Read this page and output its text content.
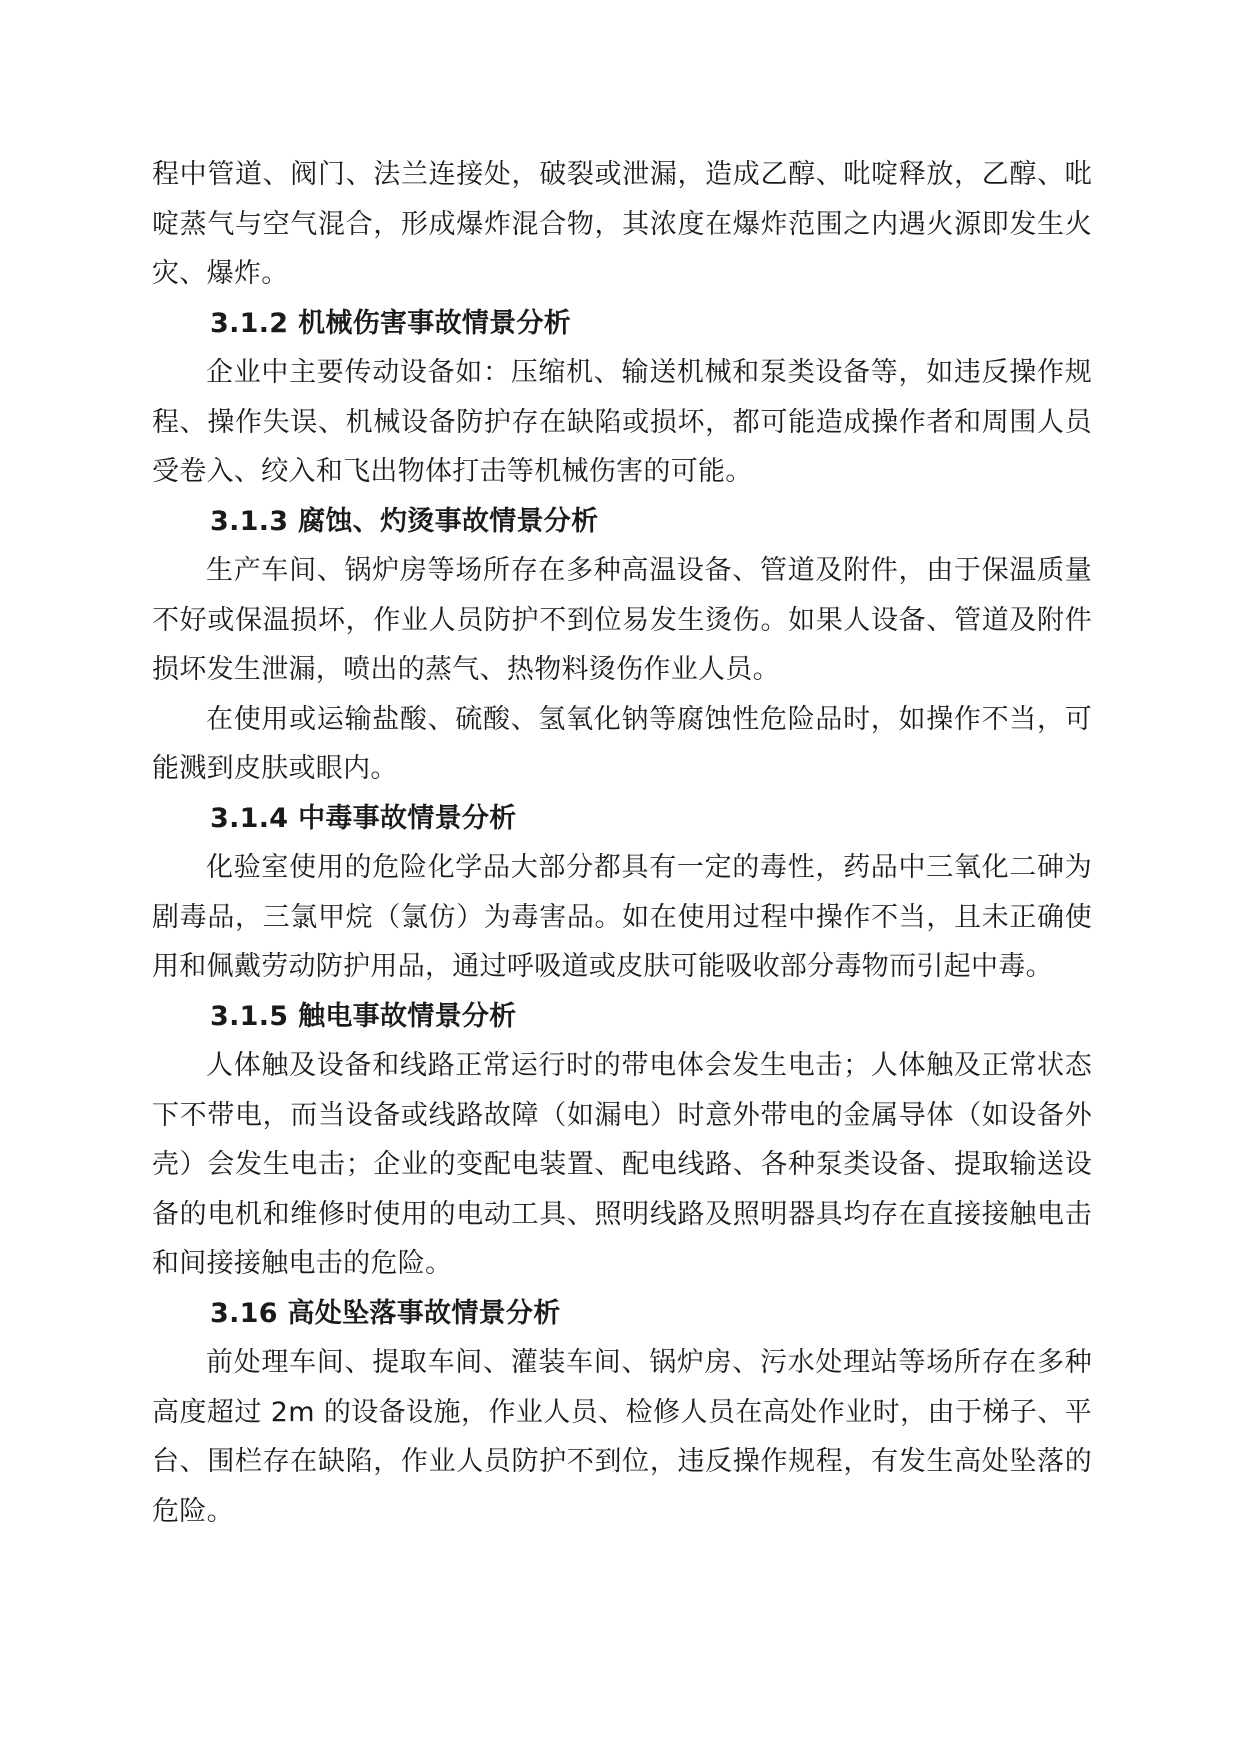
程中管道、阀门、法兰连接处，破裂或泄漏，造成乙醇、吡啶释放，乙醇、吡啶蒸气与空气混合，形成爆炸混合物，其浓度在爆炸范围之内遇火源即发生火灾、爆炸。

3.1.2 机械伤害事故情景分析

企业中主要传动设备如：压缩机、输送机械和泵类设备等，如违反操作规程、操作失误、机械设备防护存在缺陷或损坏，都可能造成操作者和周围人员受卷入、绞入和飞出物体打击等机械伤害的可能。

3.1.3 腐蚀、灼烫事故情景分析

生产车间、锅炉房等场所存在多种高温设备、管道及附件，由于保温质量不好或保温损坏，作业人员防护不到位易发生烫伤。如果人设备、管道及附件损坏发生泄漏，喷出的蒸气、热物料烫伤作业人员。

在使用或运输盐酸、硫酸、氢氧化钠等腐蚀性危险品时，如操作不当，可能溅到皮肤或眼内。

3.1.4 中毒事故情景分析

化验室使用的危险化学品大部分都具有一定的毒性，药品中三氧化二砷为剧毒品，三氯甲烷（氯仿）为毒害品。如在使用过程中操作不当，且未正确使用和佩戴劳动防护用品，通过呼吸道或皮肤可能吸收部分毒物而引起中毒。

3.1.5 触电事故情景分析

人体触及设备和线路正常运行时的带电体会发生电击；人体触及正常状态下不带电，而当设备或线路故障（如漏电）时意外带电的金属导体（如设备外壳）会发生电击；企业的变配电装置、配电线路、各种泵类设备、提取输送设备的电机和维修时使用的电动工具、照明线路及照明器具均存在直接接触电击和间接接触电击的危险。

3.16 高处坠落事故情景分析

前处理车间、提取车间、灌装车间、锅炉房、污水处理站等场所存在多种高度超过 2m 的设备设施，作业人员、检修人员在高处作业时，由于梯子、平台、围栏存在缺陷，作业人员防护不到位，违反操作规程，有发生高处坠落的危险。
